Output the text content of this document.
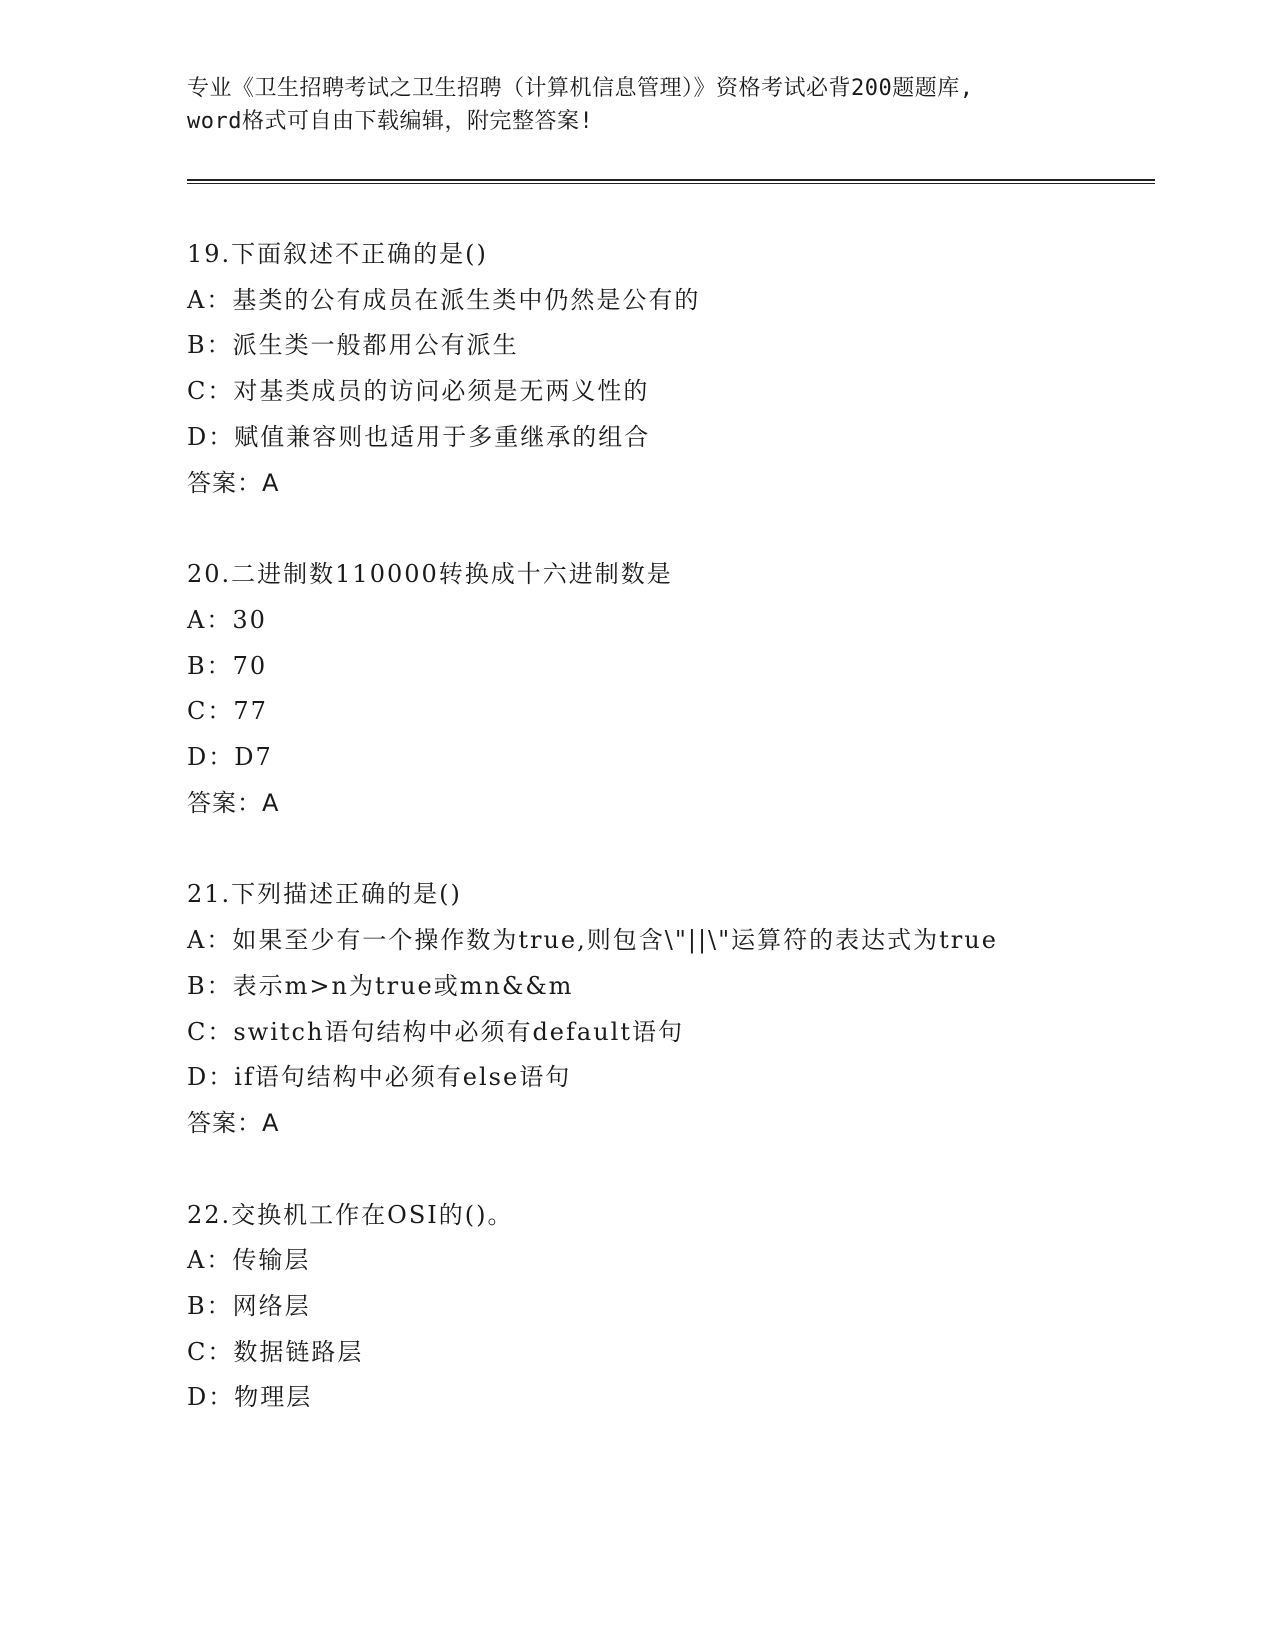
专业《卫生招聘考试之卫生招聘（计算机信息管理）》资格考试必背200题题库,
word格式可自由下载编辑，附完整答案!
19.下面叙述不正确的是()
A：基类的公有成员在派生类中仍然是公有的
B：派生类一般都用公有派生
C：对基类成员的访问必须是无两义性的
D：赋值兼容则也适用于多重继承的组合
答案：A
20.二进制数110000转换成十六进制数是
A：30
B：70
C：77
D：D7
答案：A
21.下列描述正确的是()
A：如果至少有一个操作数为true,则包含\"||\"运算符的表达式为true
B：表示m>n为true或mn&&m
C：switch语句结构中必须有default语句
D：if语句结构中必须有else语句
答案：A
22.交换机工作在OSI的()。
A：传输层
B：网络层
C：数据链路层
D：物理层
